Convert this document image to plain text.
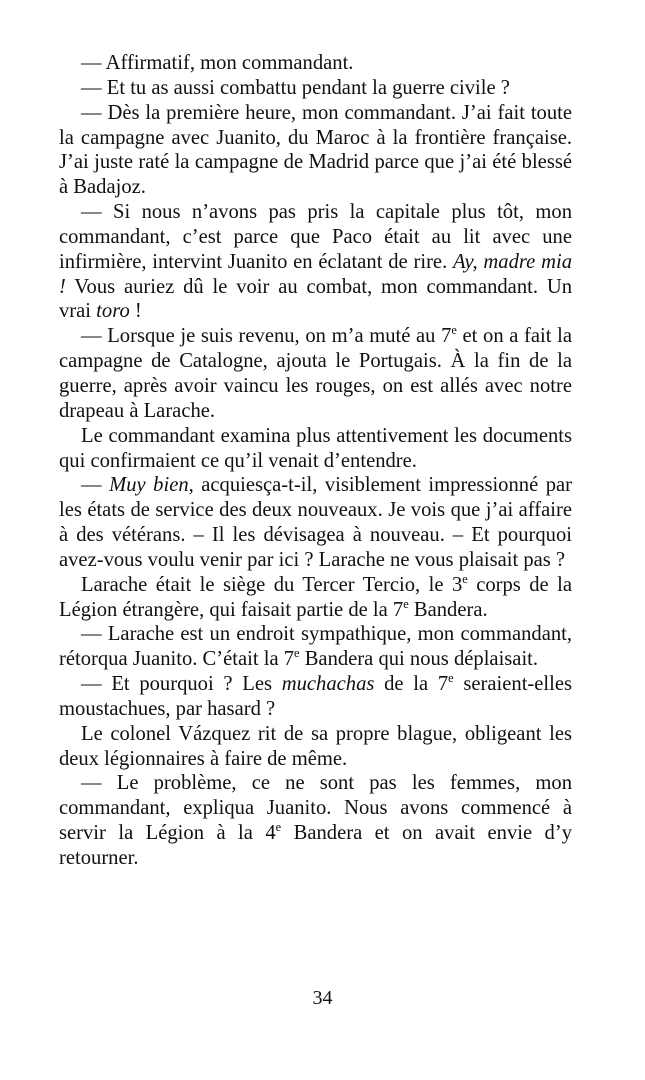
— Affirmatif, mon commandant.

— Et tu as aussi combattu pendant la guerre civile ?

— Dès la première heure, mon commandant. J’ai fait toute la campagne avec Juanito, du Maroc à la frontière française. J’ai juste raté la campagne de Madrid parce que j’ai été blessé à Badajoz.

— Si nous n’avons pas pris la capitale plus tôt, mon commandant, c’est parce que Paco était au lit avec une infirmière, intervint Juanito en éclatant de rire. Ay, madre mia ! Vous auriez dû le voir au combat, mon commandant. Un vrai toro !

— Lorsque je suis revenu, on m’a muté au 7e et on a fait la campagne de Catalogne, ajouta le Portugais. À la fin de la guerre, après avoir vaincu les rouges, on est allés avec notre drapeau à Larache.

Le commandant examina plus attentivement les documents qui confirmaient ce qu’il venait d’entendre.

— Muy bien, acquiesça-t-il, visiblement impressionné par les états de service des deux nouveaux. Je vois que j’ai affaire à des vétérans. – Il les dévisagea à nouveau. – Et pourquoi avez-vous voulu venir par ici ? Larache ne vous plaisait pas ?

Larache était le siège du Tercer Tercio, le 3e corps de la Légion étrangère, qui faisait partie de la 7e Bandera.

— Larache est un endroit sympathique, mon commandant, rétorqua Juanito. C’était la 7e Bandera qui nous déplaisait.

— Et pourquoi ? Les muchachas de la 7e seraient-elles moustachues, par hasard ?

Le colonel Vázquez rit de sa propre blague, obligeant les deux légionnaires à faire de même.

— Le problème, ce ne sont pas les femmes, mon commandant, expliqua Juanito. Nous avons commencé à servir la Légion à la 4e Bandera et on avait envie d’y retourner.

34
